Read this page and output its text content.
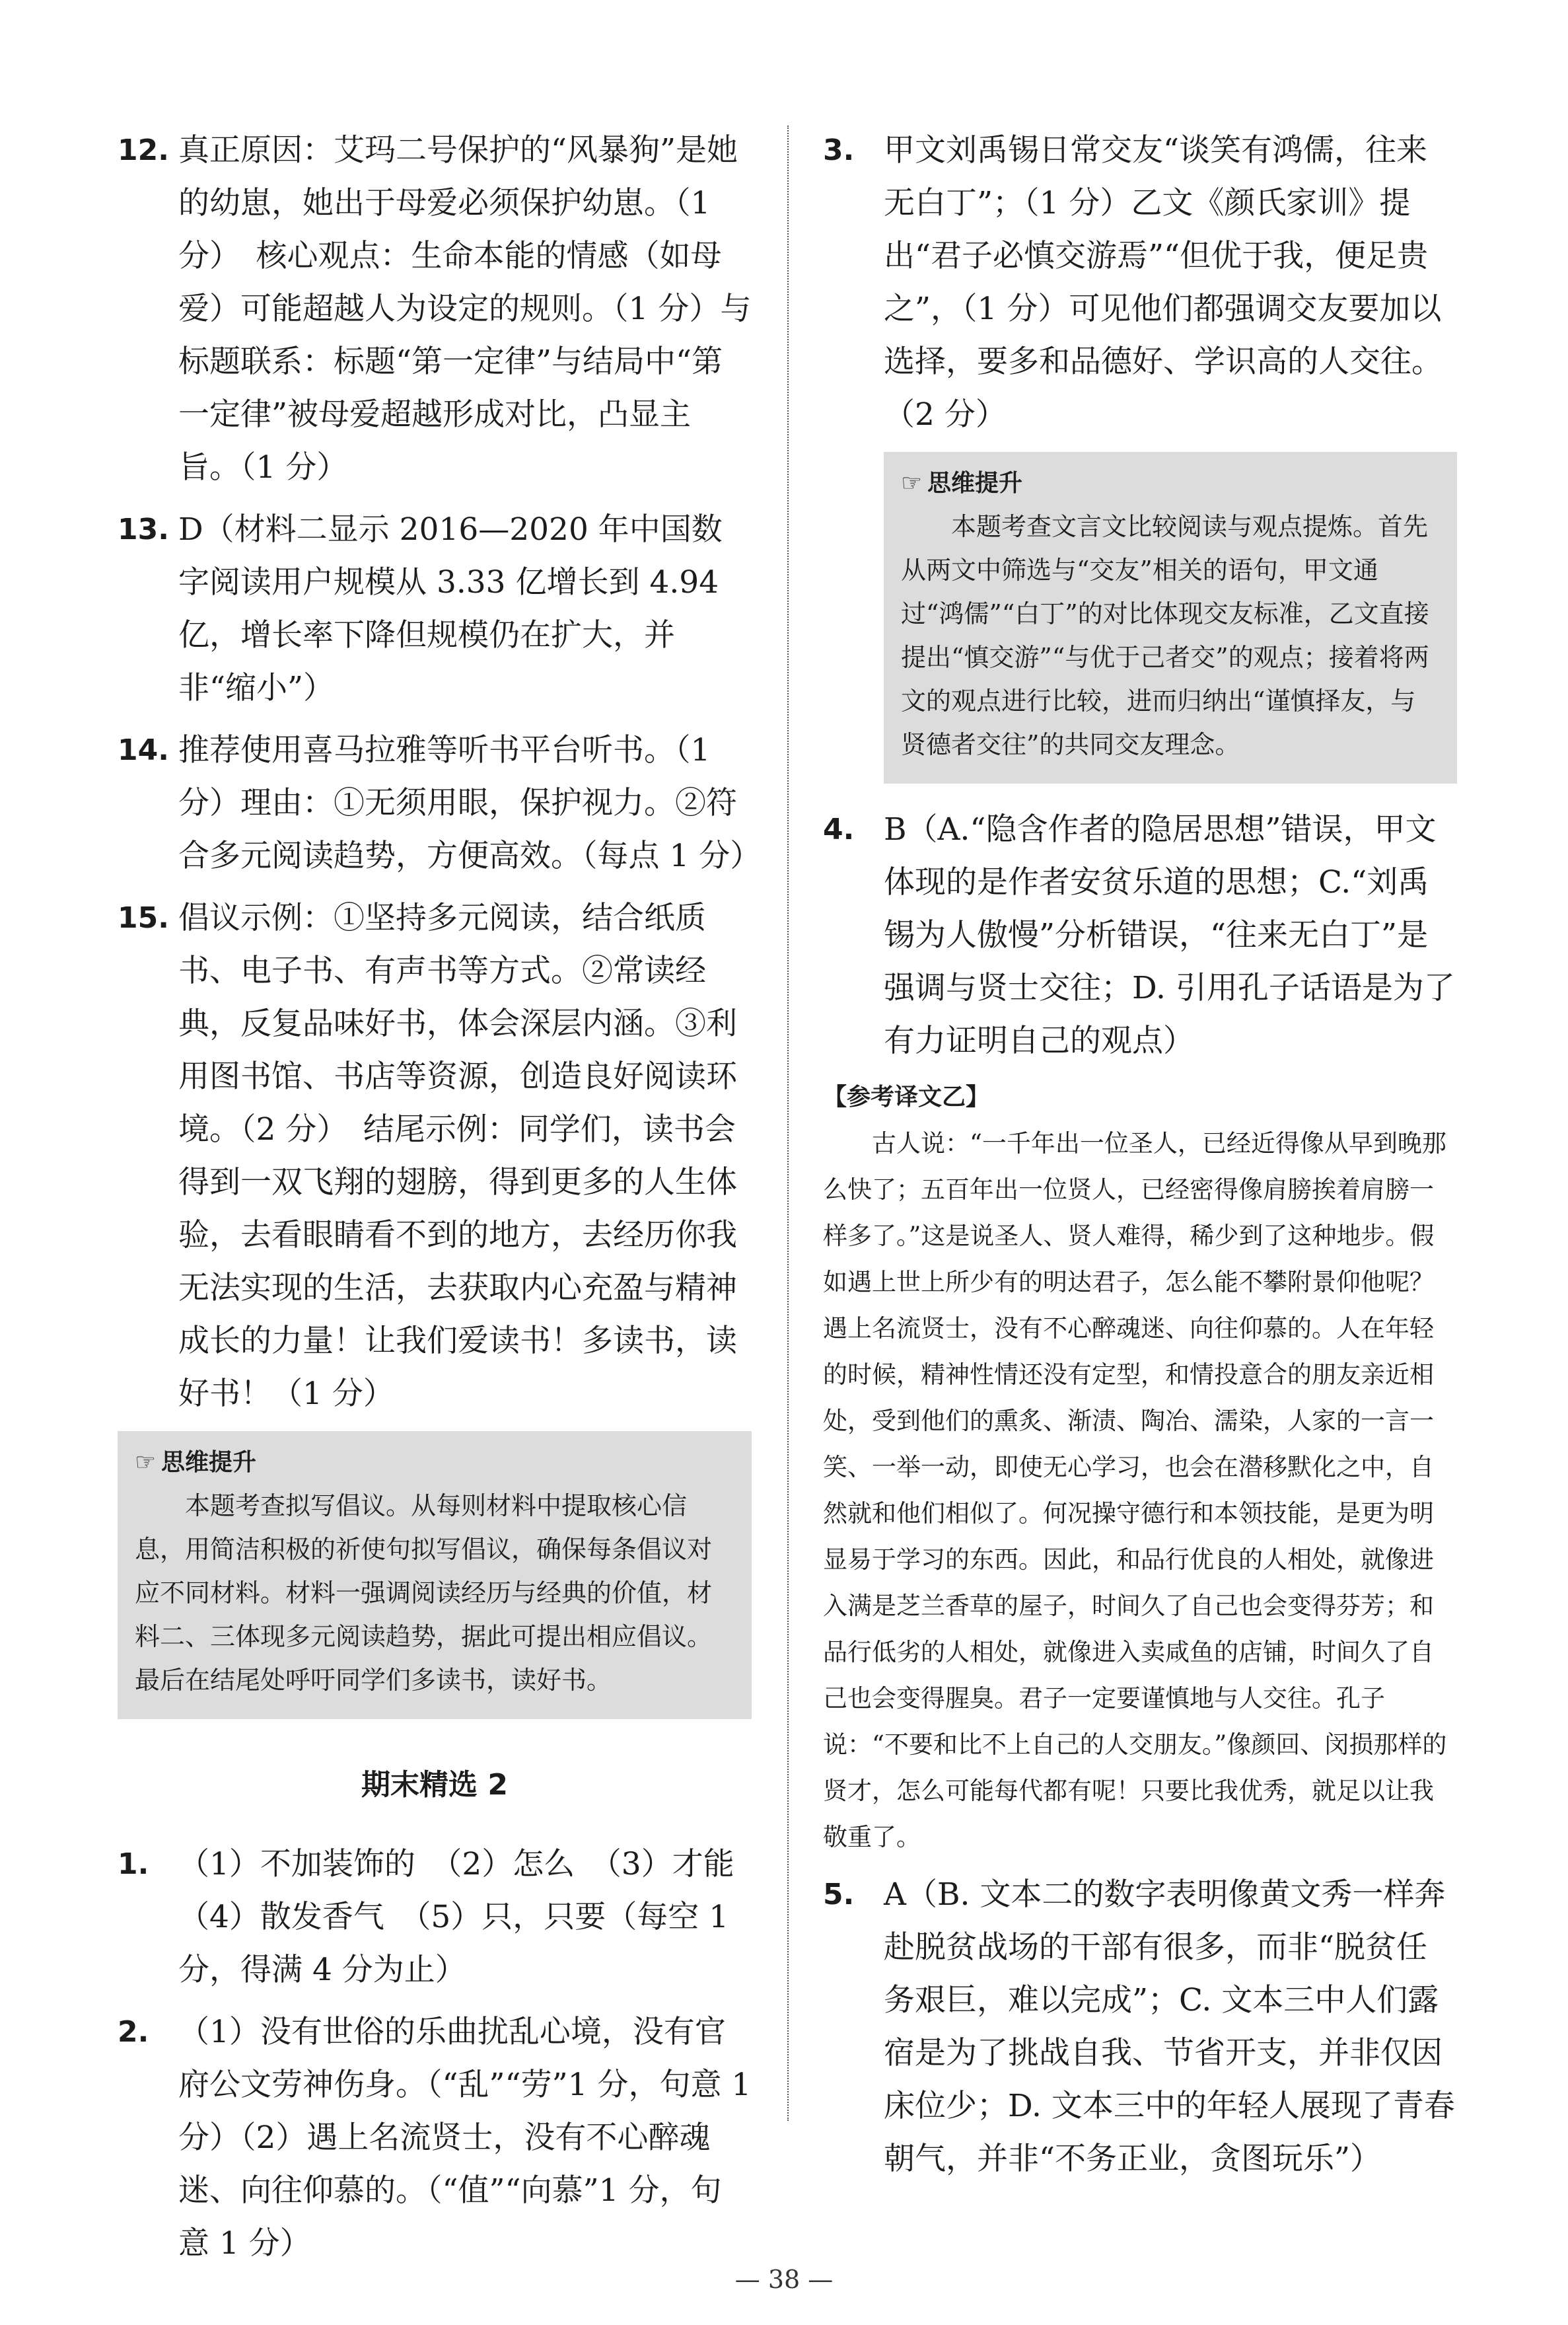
12. 真正原因：艾玛二号保护的“风暴狗”是她的幼崽，她出于母爱必须保护幼崽。（1 分）　核心观点：生命本能的情感（如母爱）可能超越人为设定的规则。（1 分）与标题联系：标题“第一定律”与结局中“第一定律”被母爱超越形成对比，凸显主旨。（1 分）

13. D（材料二显示 2016—2020 年中国数字阅读用户规模从 3.33 亿增长到 4.94 亿，增长率下降但规模仍在扩大，并非“缩小”）

14. 推荐使用喜马拉雅等听书平台听书。（1 分）理由：①无须用眼，保护视力。②符合多元阅读趋势，方便高效。（每点 1 分）

15. 倡议示例：①坚持多元阅读，结合纸质书、电子书、有声书等方式。②常读经典，反复品味好书，体会深层内涵。③利用图书馆、书店等资源，创造良好阅读环境。（2 分）　结尾示例：同学们，读书会得到一双飞翔的翅膀，得到更多的人生体验，去看眼睛看不到的地方，去经历你我无法实现的生活，去获取内心充盈与精神成长的力量！让我们爱读书！多读书，读好书！（1 分）

☞ 思维提升

本题考查拟写倡议。从每则材料中提取核心信息，用简洁积极的祈使句拟写倡议，确保每条倡议对应不同材料。材料一强调阅读经历与经典的价值，材料二、三体现多元阅读趋势，据此可提出相应倡议。最后在结尾处呼吁同学们多读书，读好书。

期末精选 2
1. （1）不加装饰的　（2）怎么　（3）才能　（4）散发香气　（5）只，只要（每空 1 分，得满 4 分为止）

2. （1）没有世俗的乐曲扰乱心境，没有官府公文劳神伤身。（“乱”“劳”1 分，句意 1 分）（2）遇上名流贤士，没有不心醉魂迷、向往仰慕的。（“值”“向慕”1 分，句意 1 分）

3. 甲文刘禹锡日常交友“谈笑有鸿儒，往来无白丁”；（1 分）乙文《颜氏家训》提出“君子必慎交游焉”“但优于我，便足贵之”，（1 分）可见他们都强调交友要加以选择，要多和品德好、学识高的人交往。（2 分）

☞ 思维提升

本题考查文言文比较阅读与观点提炼。首先从两文中筛选与“交友”相关的语句，甲文通过“鸿儒”“白丁”的对比体现交友标准，乙文直接提出“慎交游”“与优于己者交”的观点；接着将两文的观点进行比较，进而归纳出“谨慎择友，与贤德者交往”的共同交友理念。

4. B（A.“隐含作者的隐居思想”错误，甲文体现的是作者安贫乐道的思想；C.“刘禹锡为人傲慢”分析错误，“往来无白丁”是强调与贤士交往；D. 引用孔子话语是为了有力证明自己的观点）

【参考译文乙】

古人说：“一千年出一位圣人，已经近得像从早到晚那么快了；五百年出一位贤人，已经密得像肩膀挨着肩膀一样多了。”这是说圣人、贤人难得，稀少到了这种地步。假如遇上世上所少有的明达君子，怎么能不攀附景仰他呢？遇上名流贤士，没有不心醉魂迷、向往仰慕的。人在年轻的时候，精神性情还没有定型，和情投意合的朋友亲近相处，受到他们的熏炙、渐渍、陶冶、濡染，人家的一言一笑、一举一动，即使无心学习，也会在潜移默化之中，自然就和他们相似了。何况操守德行和本领技能，是更为明显易于学习的东西。因此，和品行优良的人相处，就像进入满是芝兰香草的屋子，时间久了自己也会变得芬芳；和品行低劣的人相处，就像进入卖咸鱼的店铺，时间久了自己也会变得腥臭。君子一定要谨慎地与人交往。孔子说：“不要和比不上自己的人交朋友。”像颜回、闵损那样的贤才，怎么可能每代都有呢！只要比我优秀，就足以让我敬重了。

5. A（B. 文本二的数字表明像黄文秀一样奔赴脱贫战场的干部有很多，而非“脱贫任务艰巨，难以完成”；C. 文本三中人们露宿是为了挑战自我、节省开支，并非仅因床位少；D. 文本三中的年轻人展现了青春朝气，并非“不务正业，贪图玩乐”）

— 38 —
